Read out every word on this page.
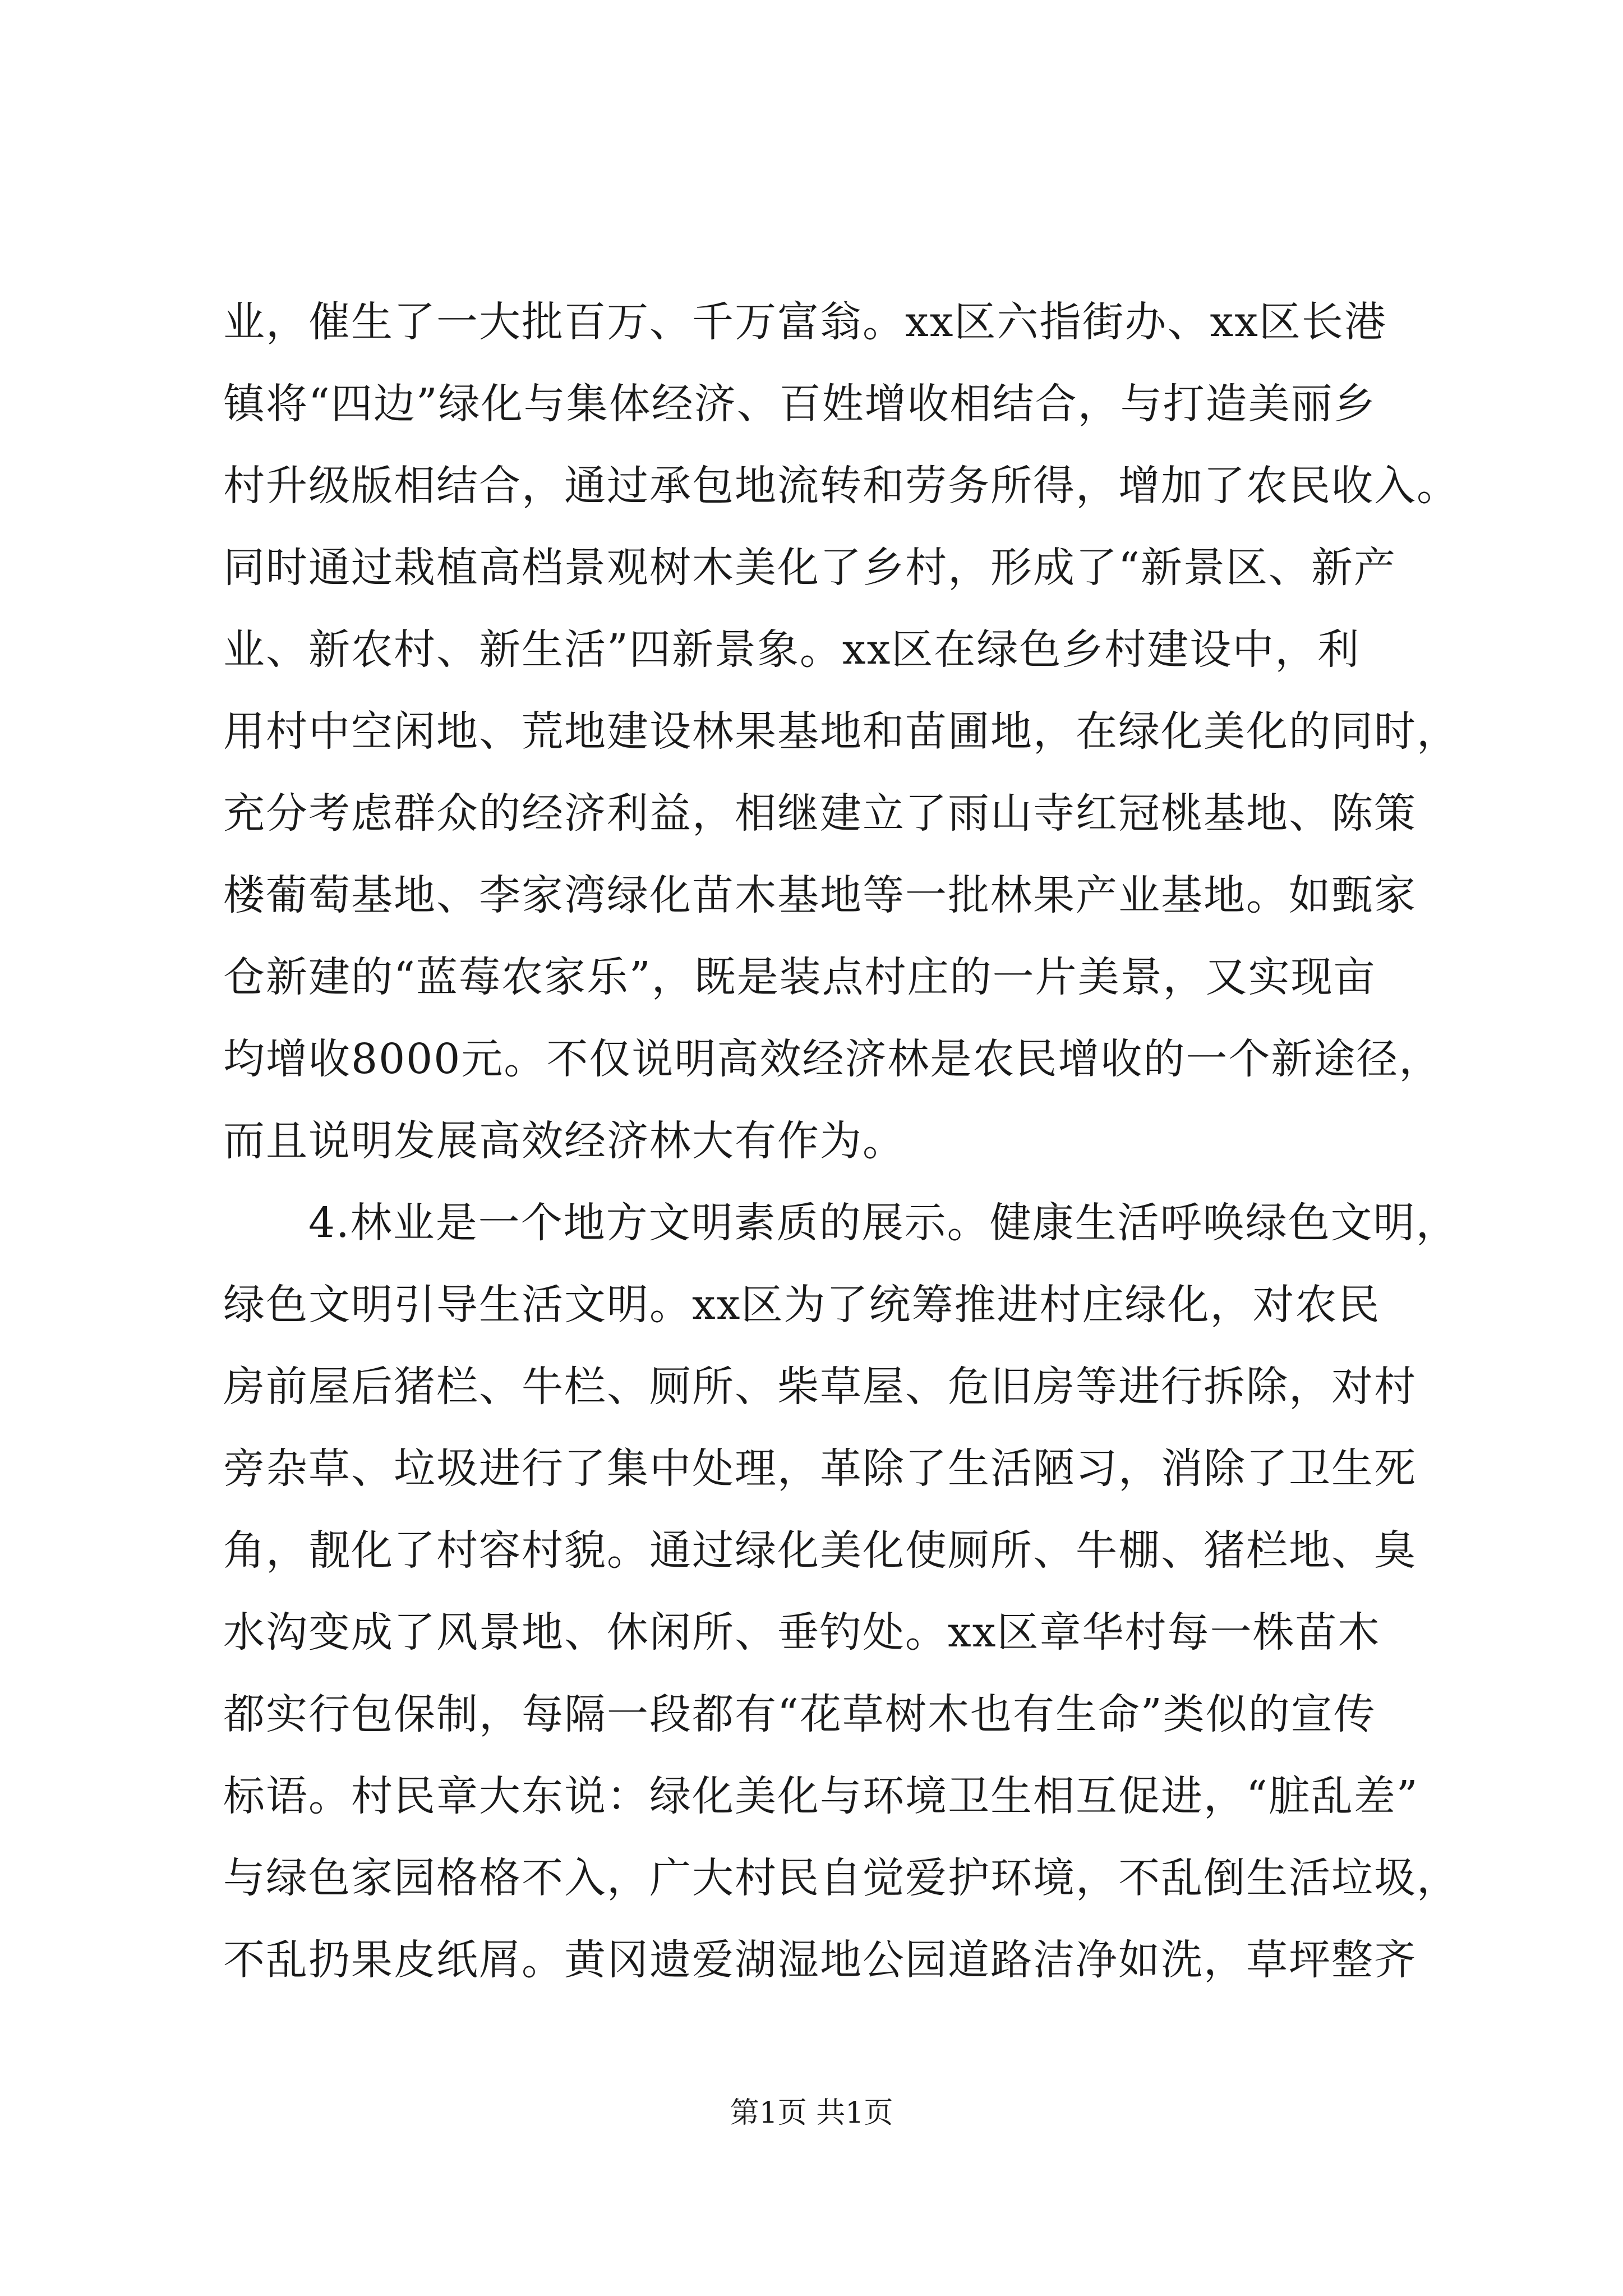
业，催生了一大批百万、千万富翁。xx区六指街办、xx区长港
镇将“四边”绿化与集体经济、百姓增收相结合，与打造美丽乡
村升级版相结合，通过承包地流转和劳务所得，增加了农民收入。
同时通过栽植高档景观树木美化了乡村，形成了“新景区、新产
业、新农村、新生活”四新景象。xx区在绿色乡村建设中，利
用村中空闲地、荒地建设林果基地和苗圃地，在绿化美化的同时，
充分考虑群众的经济利益，相继建立了雨山寺红冠桃基地、陈策
楼葡萄基地、李家湾绿化苗木基地等一批林果产业基地。如甄家
仓新建的“蓝莓农家乐”，既是装点村庄的一片美景，又实现亩
均增收8000元。不仅说明高效经济林是农民增收的一个新途径，
而且说明发展高效经济林大有作为。
　　4.林业是一个地方文明素质的展示。健康生活呼唤绿色文明，
绿色文明引导生活文明。xx区为了统筹推进村庄绿化，对农民
房前屋后猪栏、牛栏、厕所、柴草屋、危旧房等进行拆除，对村
旁杂草、垃圾进行了集中处理，革除了生活陋习，消除了卫生死
角，靓化了村容村貌。通过绿化美化使厕所、牛棚、猪栏地、臭
水沟变成了风景地、休闲所、垂钓处。xx区章华村每一株苗木
都实行包保制，每隔一段都有“花草树木也有生命”类似的宣传
标语。村民章大东说：绿化美化与环境卫生相互促进，“脏乱差”
与绿色家园格格不入，广大村民自觉爱护环境，不乱倒生活垃圾，
不乱扔果皮纸屑。黄冈遗爱湖湿地公园道路洁净如洗，草坪整齐
第1页 共1页
